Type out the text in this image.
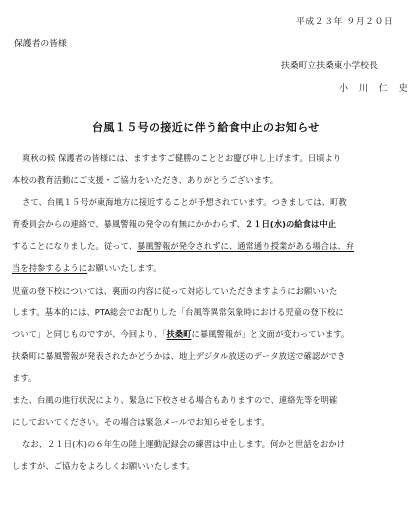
平成２３年 ９月２０日
保護者の皆様
扶桑町立扶桑東小学校長
小 川 仁 史
台風１５号の接近に伴う給食中止のお知らせ
爽秋の候 保護者の皆様には、ますますご健勝のこととお慶び申し上げます。日頃より
本校の教育活動にご支援・ご協力をいただき、ありがとうございます。
さて、台風１５号が東海地方に接近することが予想されています。つきましては、町教
育委員会からの連絡で、暴風警報の発令の有無にかかわらず、２１日(水)の給食は中止
することになりました。従って、暴風警報が発令されずに、通常通り授業がある場合は、弁
当を持参するようにお願いいたします。
児童の登下校については、裏面の内容に従って対応していただきますようにお願いいた
します。基本的には、PTA総会でお配りした「台風等異常気象時における児童の登下校に
ついて」と同じものですが、今回より、「扶桑町に暴風警報が」と文面が変わっています。
扶桑町に暴風警報が発表されたかどうかは、地上デジタル放送のデータ放送で確認ができ
ます。
また、台風の進行状況により、緊急に下校させる場合もありますので、連絡先等を明確
にしておいてください。その場合は緊急メールでお知らせをします。
なお、２１日(木)の６年生の陸上運動記録会の練習は中止します。何かと世話をおかけ
しますが、ご協力をよろしくお願いいたします。
